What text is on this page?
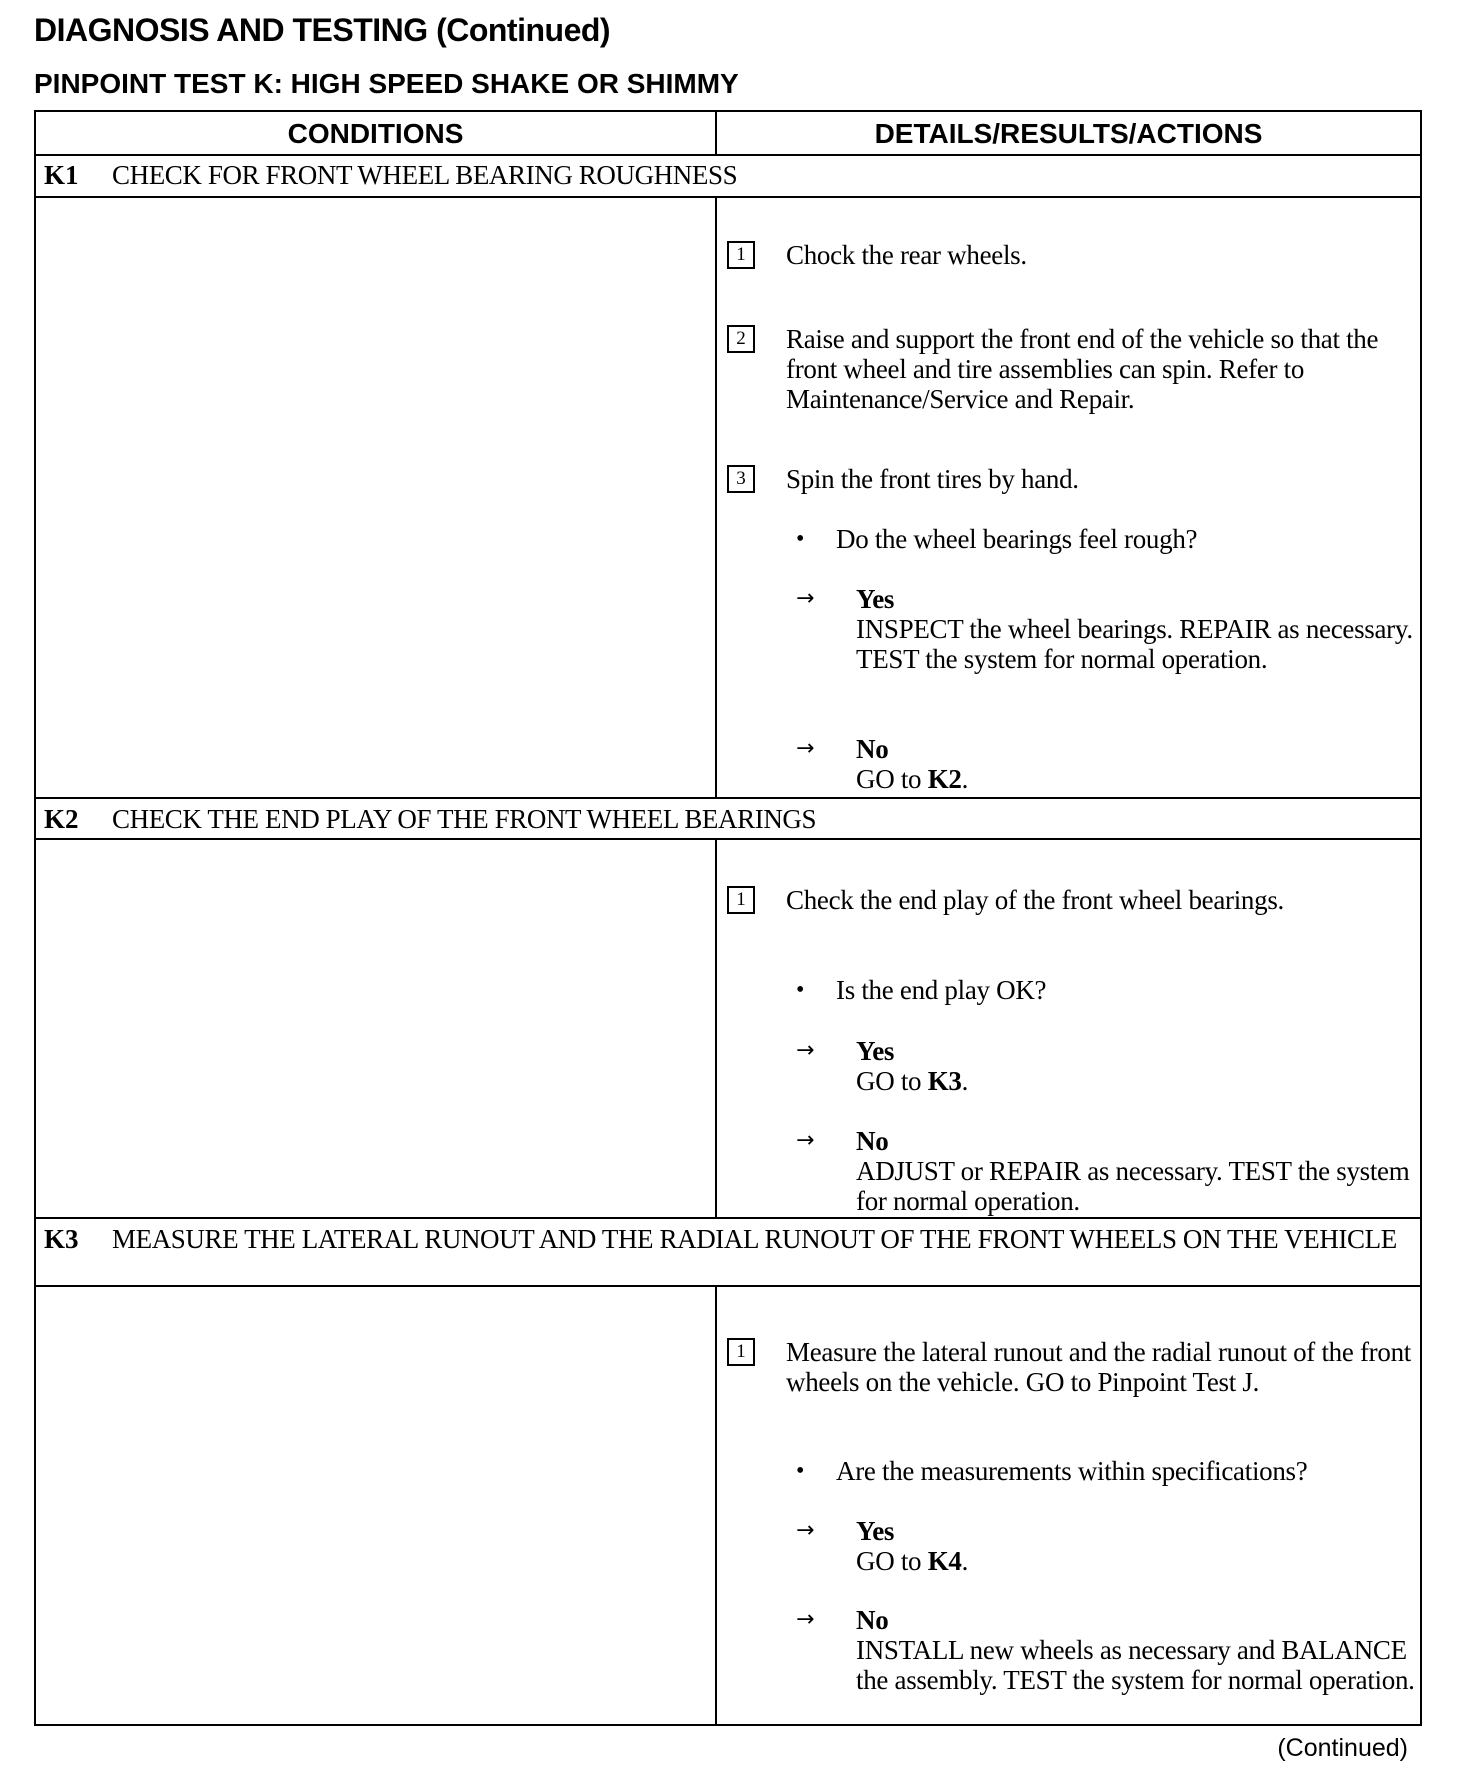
DIAGNOSIS AND TESTING (Continued)
PINPOINT TEST K: HIGH SPEED SHAKE OR SHIMMY
CONDITIONS	DETAILS/RESULTS/ACTIONS
K1 CHECK FOR FRONT WHEEL BEARING ROUGHNESS
1	Chock the rear wheels.
2	Raise and support the front end of the vehicle so that the front wheel and tire assemblies can spin. Refer to Maintenance/Service and Repair.
3	Spin the front tires by hand.
• Do the wheel bearings feel rough?
→ Yes
INSPECT the wheel bearings. REPAIR as necessary. TEST the system for normal operation.
→ No
GO to K2.
K2 CHECK THE END PLAY OF THE FRONT WHEEL BEARINGS
1	Check the end play of the front wheel bearings.
• Is the end play OK?
→ Yes
GO to K3.
→ No
ADJUST or REPAIR as necessary. TEST the system for normal operation.
K3 MEASURE THE LATERAL RUNOUT AND THE RADIAL RUNOUT OF THE FRONT WHEELS ON THE VEHICLE
1	Measure the lateral runout and the radial runout of the front wheels on the vehicle. GO to Pinpoint Test J.
• Are the measurements within specifications?
→ Yes
GO to K4.
→ No
INSTALL new wheels as necessary and BALANCE the assembly. TEST the system for normal operation.
(Continued)
